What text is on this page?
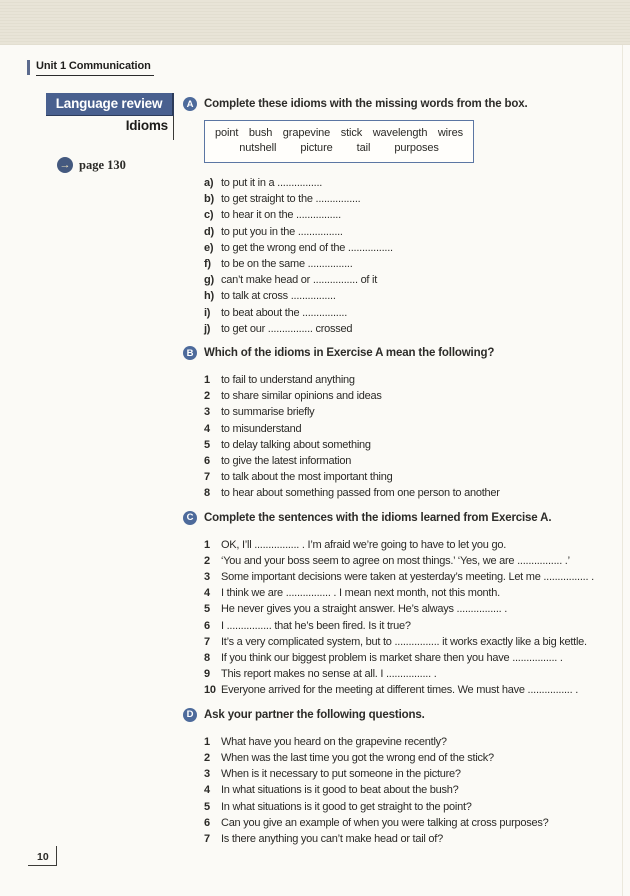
Unit 1 Communication
Language review
Idioms
→ page 130
A Complete these idioms with the missing words from the box.
point bush grapevine stick wavelength wires
nutshell picture tail purposes
a) to put it in a ................
b) to get straight to the ................
c) to hear it on the ................
d) to put you in the ................
e) to get the wrong end of the ................
f) to be on the same ................
g) can’t make head or ................ of it
h) to talk at cross ................
i) to beat about the ................
j) to get our ................ crossed
B Which of the idioms in Exercise A mean the following?
1	to fail to understand anything
2	to share similar opinions and ideas
3	to summarise briefly
4	to misunderstand
5	to delay talking about something
6	to give the latest information
7	to talk about the most important thing
8	to hear about something passed from one person to another
C Complete the sentences with the idioms learned from Exercise A.
1	OK, I’ll ................ . I’m afraid we’re going to have to let you go.
2	‘You and your boss seem to agree on most things.’ ‘Yes, we are ................ .’
3	Some important decisions were taken at yesterday’s meeting. Let me ................ .
4	I think we are ................ . I mean next month, not this month.
5	He never gives you a straight answer. He’s always ................ .
6	I ................ that he’s been fired. Is it true?
7	It’s a very complicated system, but to ................ it works exactly like a big kettle.
8	If you think our biggest problem is market share then you have ................ .
9	This report makes no sense at all. I ................ .
10 Everyone arrived for the meeting at different times. We must have ................ .
D Ask your partner the following questions.
1	What have you heard on the grapevine recently?
2	When was the last time you got the wrong end of the stick?
3	When is it necessary to put someone in the picture?
4	In what situations is it good to beat about the bush?
5	In what situations is it good to get straight to the point?
6	Can you give an example of when you were talking at cross purposes?
7	Is there anything you can’t make head or tail of?
10
